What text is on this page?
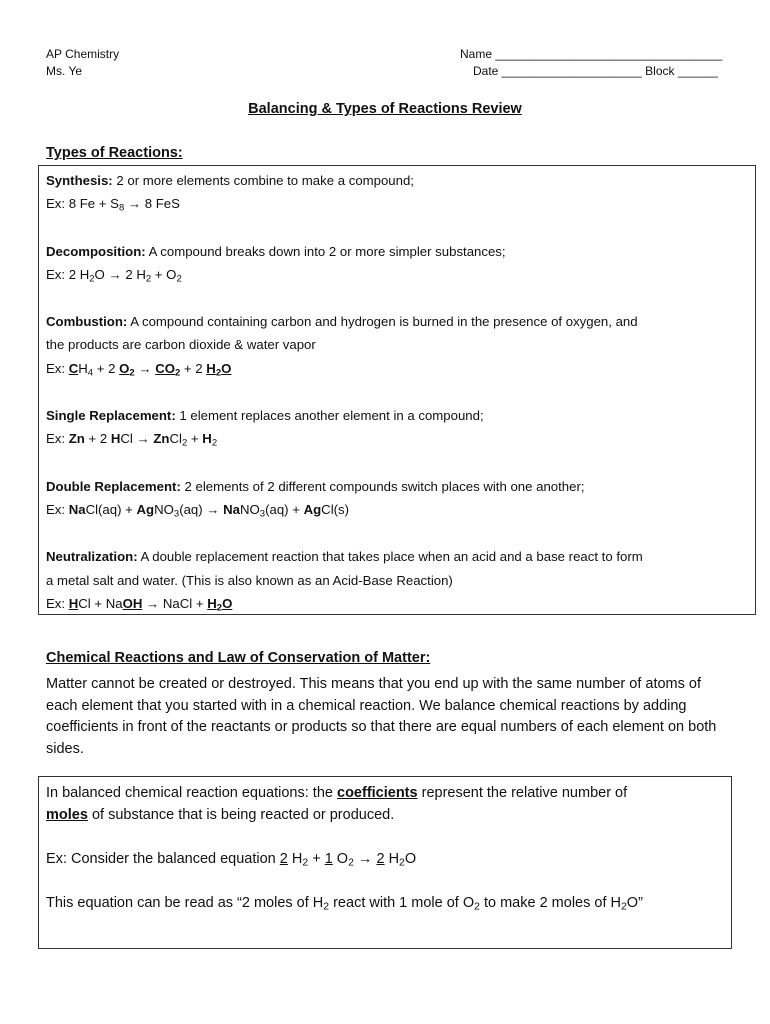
AP Chemistry
Ms. Ye
Name __________________________________
Date _____________________ Block ______
Balancing & Types of Reactions Review
Types of Reactions:
Synthesis: 2 or more elements combine to make a compound;
Ex: 8 $Fe + S_8 \to 8$ FeS
Decomposition: A compound breaks down into 2 or more simpler substances;
Ex: 2 $H_2O \to 2$ $H_2 + O_2$
Combustion: A compound containing carbon and hydrogen is burned in the presence of oxygen, and
the products are carbon dioxide & water vapor
Ex: $CH_4 + 2$ $O_2 \to CO_2 + 2$ $H_2O$
Single Replacement: 1 element replaces another element in a compound;
Ex: Zn + 2 HCl → ZnCl$_2$ + $H_2$
Double Replacement: 2 elements of 2 different compounds switch places with one another;
Ex: NaCl(aq) + AgNO$_3$(aq) → NaNO$_3$(aq) + AgCl(s)
Neutralization: A double replacement reaction that takes place when an acid and a base react to form
a metal salt and water. (This is also known as an Acid-Base Reaction)
Ex: HCl + NaOH → NaCl + $H_2O$
Chemical Reactions and Law of Conservation of Matter:
Matter cannot be created or destroyed. This means that you end up with the same number of atoms of each element that you started with in a chemical reaction. We balance chemical reactions by adding coefficients in front of the reactants or products so that there are equal numbers of each element on both sides.
In balanced chemical reaction equations: the coefficients represent the relative number of
moles of substance that is being reacted or produced.
Ex: Consider the balanced equation 2 $H_2 + 1$ $O_2 \to 2$ $H_2O$
This equation can be read as “2 moles of $H_2$ react with 1 mole of $O_2$ to make 2 moles of $H_2O$”
